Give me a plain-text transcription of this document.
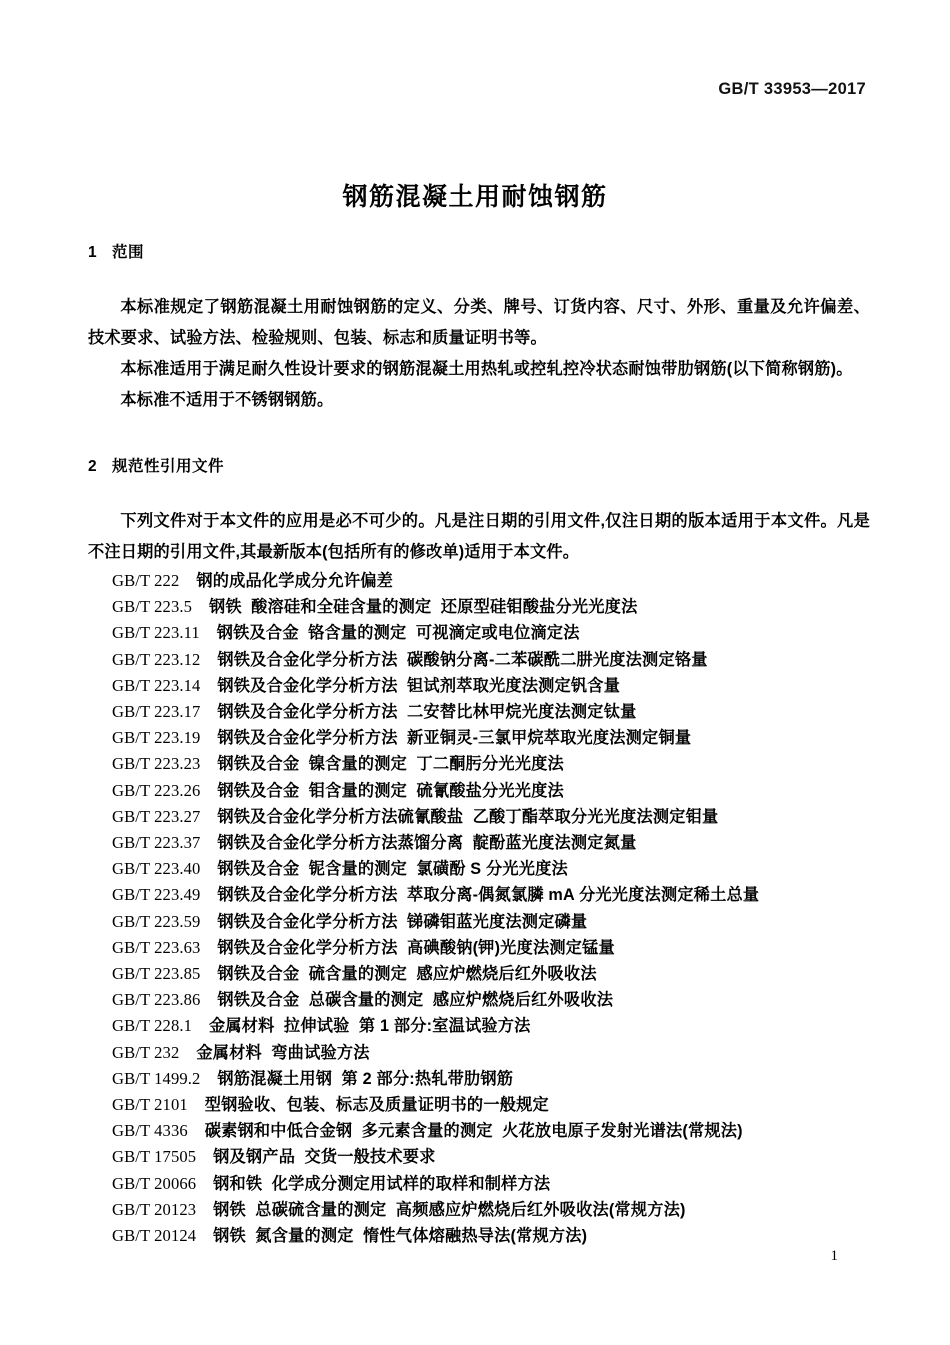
GB/T 33953—2017
钢筋混凝土用耐蚀钢筋
1 范围

本标准规定了钢筋混凝土用耐蚀钢筋的定义、分类、牌号、订货内容、尺寸、外形、重量及允许偏差、技术要求、试验方法、检验规则、包装、标志和质量证明书等。

本标准适用于满足耐久性设计要求的钢筋混凝土用热轧或控轧控冷状态耐蚀带肋钢筋(以下简称钢筋)。

本标准不适用于不锈钢钢筋。

2 规范性引用文件

下列文件对于本文件的应用是必不可少的。凡是注日期的引用文件,仅注日期的版本适用于本文件。凡是不注日期的引用文件,其最新版本(包括所有的修改单)适用于本文件。

GB/T 222 钢的成品化学成分允许偏差
GB/T 223.5 钢铁  酸溶硅和全硅含量的测定  还原型硅钼酸盐分光光度法
GB/T 223.11 钢铁及合金  铬含量的测定  可视滴定或电位滴定法
GB/T 223.12 钢铁及合金化学分析方法  碳酸钠分离-二苯碳酰二肼光度法测定铬量
GB/T 223.14 钢铁及合金化学分析方法  钽试剂萃取光度法测定钒含量
GB/T 223.17 钢铁及合金化学分析方法  二安替比林甲烷光度法测定钛量
GB/T 223.19 钢铁及合金化学分析方法  新亚铜灵-三氯甲烷萃取光度法测定铜量
GB/T 223.23 钢铁及合金  镍含量的测定  丁二酮肟分光光度法
GB/T 223.26 钢铁及合金  钼含量的测定  硫氰酸盐分光光度法
GB/T 223.27 钢铁及合金化学分析方法硫氰酸盐  乙酸丁酯萃取分光光度法测定钼量
GB/T 223.37 钢铁及合金化学分析方法蒸馏分离  靛酚蓝光度法测定氮量
GB/T 223.40 钢铁及合金  铌含量的测定  氯磺酚 S 分光光度法
GB/T 223.49 钢铁及合金化学分析方法  萃取分离-偶氮氯膦 mA 分光光度法测定稀土总量
GB/T 223.59 钢铁及合金化学分析方法  锑磷钼蓝光度法测定磷量
GB/T 223.63 钢铁及合金化学分析方法  高碘酸钠(钾)光度法测定锰量
GB/T 223.85 钢铁及合金  硫含量的测定  感应炉燃烧后红外吸收法
GB/T 223.86 钢铁及合金  总碳含量的测定  感应炉燃烧后红外吸收法
GB/T 228.1 金属材料  拉伸试验  第 1 部分:室温试验方法
GB/T 232 金属材料  弯曲试验方法
GB/T 1499.2 钢筋混凝土用钢  第 2 部分:热轧带肋钢筋
GB/T 2101 型钢验收、包装、标志及质量证明书的一般规定
GB/T 4336 碳素钢和中低合金钢  多元素含量的测定  火花放电原子发射光谱法(常规法)
GB/T 17505 钢及钢产品  交货一般技术要求
GB/T 20066 钢和铁  化学成分测定用试样的取样和制样方法
GB/T 20123 钢铁  总碳硫含量的测定  高频感应炉燃烧后红外吸收法(常规方法)
GB/T 20124 钢铁  氮含量的测定  惰性气体熔融热导法(常规方法)
1
